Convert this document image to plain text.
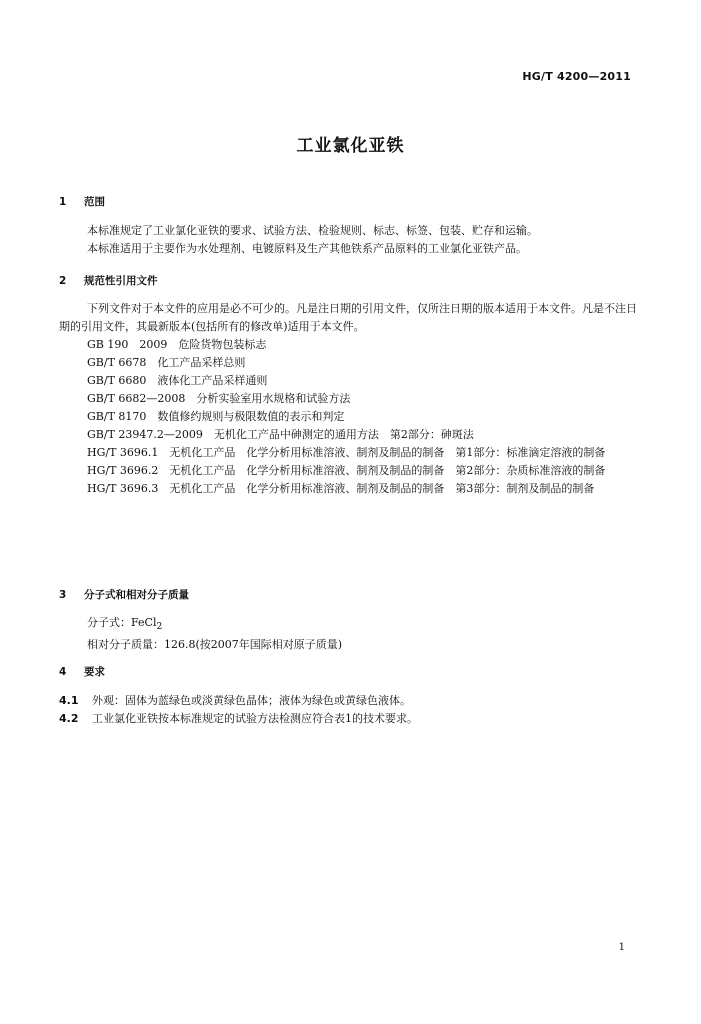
HG/T 4200—2011
工业氯化亚铁
1 范围

本标准规定了工业氯化亚铁的要求、试验方法、检验规则、标志、标签、包装、贮存和运输。

本标准适用于主要作为水处理剂、电镀原料及生产其他铁系产品原料的工业氯化亚铁产品。

2 规范性引用文件

下列文件对于本文件的应用是必不可少的。凡是注日期的引用文件，仅所注日期的版本适用于本文件。凡是不注日期的引用文件，其最新版本(包括所有的修改单)适用于本文件。

GB 190　2009　危险货物包装标志

GB/T 6678　化工产品采样总则

GB/T 6680　液体化工产品采样通则

GB/T 6682—2008　分析实验室用水规格和试验方法

GB/T 8170　数值修约规则与极限数值的表示和判定

GB/T 23947.2—2009　无机化工产品中砷测定的通用方法　第2部分：砷斑法

HG/T 3696.1　无机化工产品　化学分析用标准溶液、制剂及制品的制备　第1部分：标准滴定溶液的制备

HG/T 3696.2　无机化工产品　化学分析用标准溶液、制剂及制品的制备　第2部分：杂质标准溶液的制备

HG/T 3696.3　无机化工产品　化学分析用标准溶液、制剂及制品的制备　第3部分：制剂及制品的制备

3 分子式和相对分子质量

分子式：FeCl$_2$

相对分子质量：126.8(按2007年国际相对原子质量)

4 要求

4.1 外观：固体为蓝绿色或淡黄绿色晶体；液体为绿色或黄绿色液体。

4.2 工业氯化亚铁按本标准规定的试验方法检测应符合表1的技术要求。

1
